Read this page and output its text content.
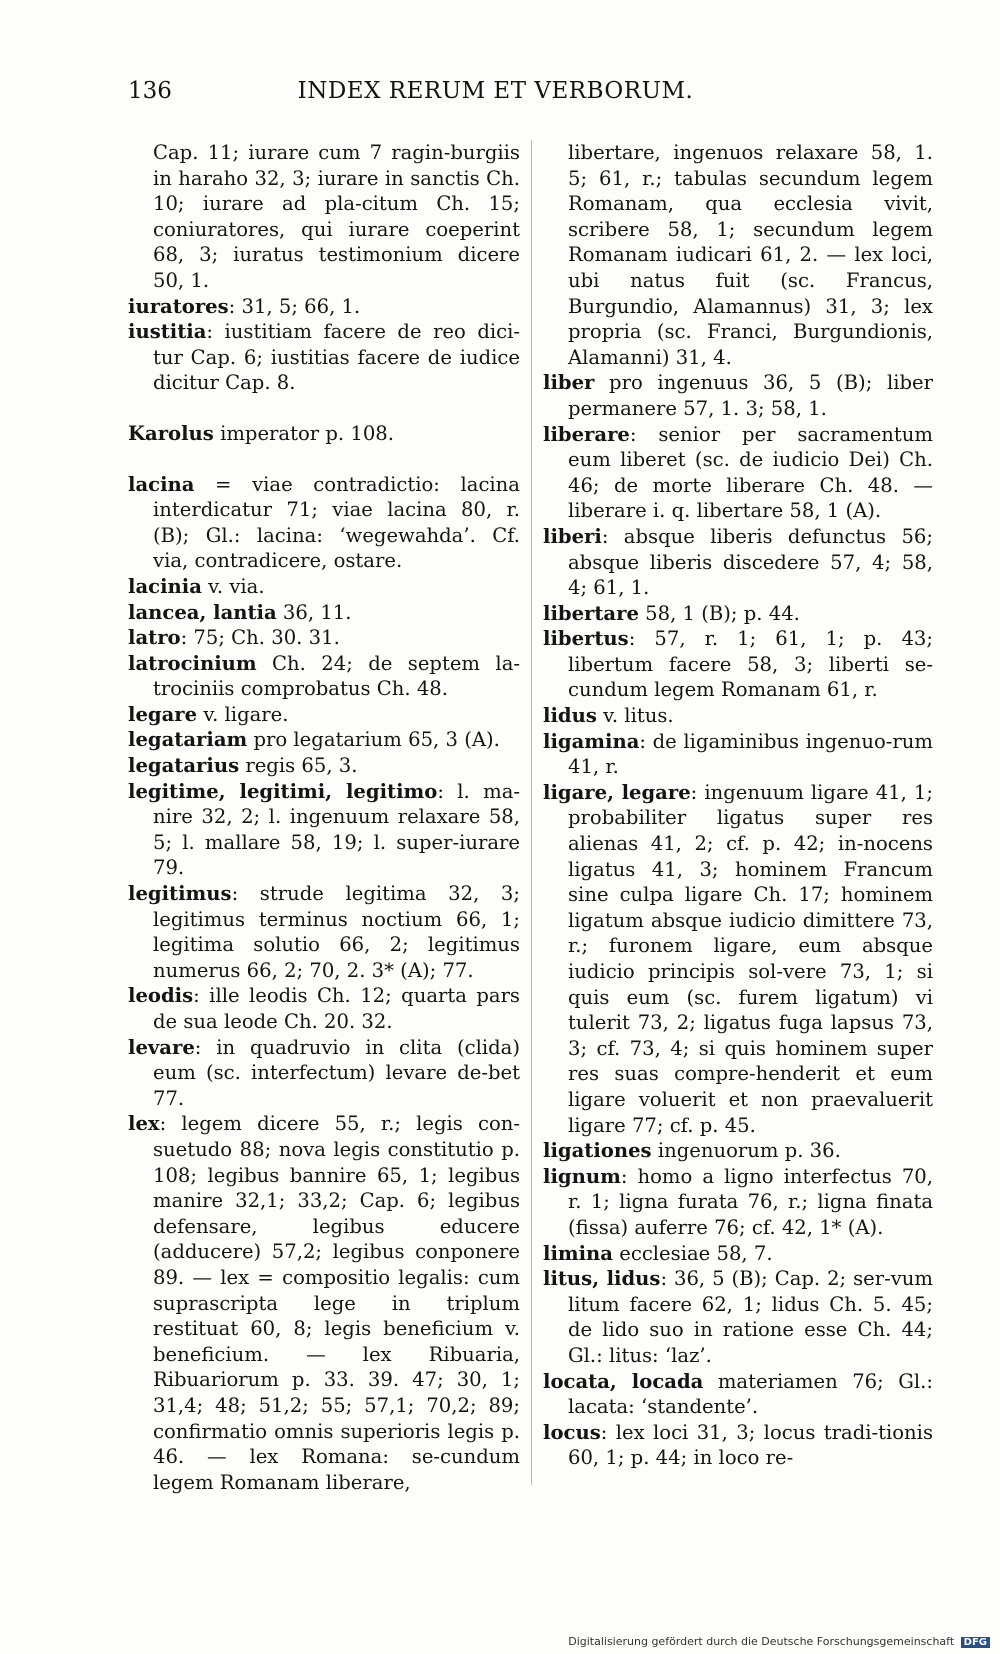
136	INDEX RERUM ET VERBORUM.

Cap. 11; iurare cum 7 ragin-burgiis in haraho 32, 3; iurare in sanctis Ch. 10; iurare ad pla-citum Ch. 15; coniuratores, qui iurare coeperint 68, 3; iuratus testimonium dicere 50, 1.

iuratores: 31, 5; 66, 1.

iustitia: iustitiam facere de reo dici-tur Cap. 6; iustitias facere de iudice dicitur Cap. 8.

Karolus imperator p. 108.

lacina = viae contradictio: lacina interdicatur 71; viae lacina 80, r. (B); Gl.: lacina: ‘wegewahda’. Cf. via, contradicere, ostare.

lacinia v. via.

lancea, lantia 36, 11.

latro: 75; Ch. 30. 31.

latrocinium Ch. 24; de septem la-trociniis comprobatus Ch. 48.

legare v. ligare.

legatariam pro legatarium 65, 3 (A).

legatarius regis 65, 3.

legitime, legitimi, legitimo: l. ma-nire 32, 2; l. ingenuum relaxare 58, 5; l. mallare 58, 19; l. super-iurare 79.

legitimus: strude legitima 32, 3; legitimus terminus noctium 66, 1; legitima solutio 66, 2; legitimus numerus 66, 2; 70, 2. 3* (A); 77.

leodis: ille leodis Ch. 12; quarta pars de sua leode Ch. 20. 32.

levare: in quadruvio in clita (clida) eum (sc. interfectum) levare de-bet 77.

lex: legem dicere 55, r.; legis con-suetudo 88; nova legis constitutio p. 108; legibus bannire 65, 1; legibus manire 32,1; 33,2; Cap. 6; legibus defensare, legibus educere (adducere) 57,2; legibus conponere 89. — lex = compositio legalis: cum suprascripta lege in triplum restituat 60, 8; legis beneficium v. beneficium. — lex Ribuaria, Ribuariorum p. 33. 39. 47; 30, 1; 31,4; 48; 51,2; 55; 57,1; 70,2; 89; confirmatio omnis superioris legis p. 46. — lex Romana: se-cundum legem Romanam liberare,

libertare, ingenuos relaxare 58, 1. 5; 61, r.; tabulas secundum legem Romanam, qua ecclesia vivit, scribere 58, 1; secundum legem Romanam iudicari 61, 2. — lex loci, ubi natus fuit (sc. Francus, Burgundio, Alamannus) 31, 3; lex propria (sc. Franci, Burgundionis, Alamanni) 31, 4.

liber pro ingenuus 36, 5 (B); liber permanere 57, 1. 3; 58, 1.

liberare: senior per sacramentum eum liberet (sc. de iudicio Dei) Ch. 46; de morte liberare Ch. 48. — liberare i. q. libertare 58, 1 (A).

liberi: absque liberis defunctus 56; absque liberis discedere 57, 4; 58, 4; 61, 1.

libertare 58, 1 (B); p. 44.

libertus: 57, r. 1; 61, 1; p. 43; libertum facere 58, 3; liberti se-cundum legem Romanam 61, r.

lidus v. litus.

ligamina: de ligaminibus ingenuo-rum 41, r.

ligare, legare: ingenuum ligare 41, 1; probabiliter ligatus super res alienas 41, 2; cf. p. 42; in-nocens ligatus 41, 3; hominem Francum sine culpa ligare Ch. 17; hominem ligatum absque iudicio dimittere 73, r.; furonem ligare, eum absque iudicio principis sol-vere 73, 1; si quis eum (sc. furem ligatum) vi tulerit 73, 2; ligatus fuga lapsus 73, 3; cf. 73, 4; si quis hominem super res suas compre-henderit et eum ligare voluerit et non praevaluerit ligare 77; cf. p. 45.

ligationes ingenuorum p. 36.

lignum: homo a ligno interfectus 70, r. 1; ligna furata 76, r.; ligna finata (fissa) auferre 76; cf. 42, 1* (A).

limina ecclesiae 58, 7.

litus, lidus: 36, 5 (B); Cap. 2; ser-vum litum facere 62, 1; lidus Ch. 5. 45; de lido suo in ratione esse Ch. 44; Gl.: litus: ‘laz’.

locata, locada materiamen 76; Gl.: lacata: ‘standente’.

locus: lex loci 31, 3; locus tradi-tionis 60, 1; p. 44; in loco re-

Digitalisierung gefördert durch die Deutsche Forschungsgemeinschaft DFG
